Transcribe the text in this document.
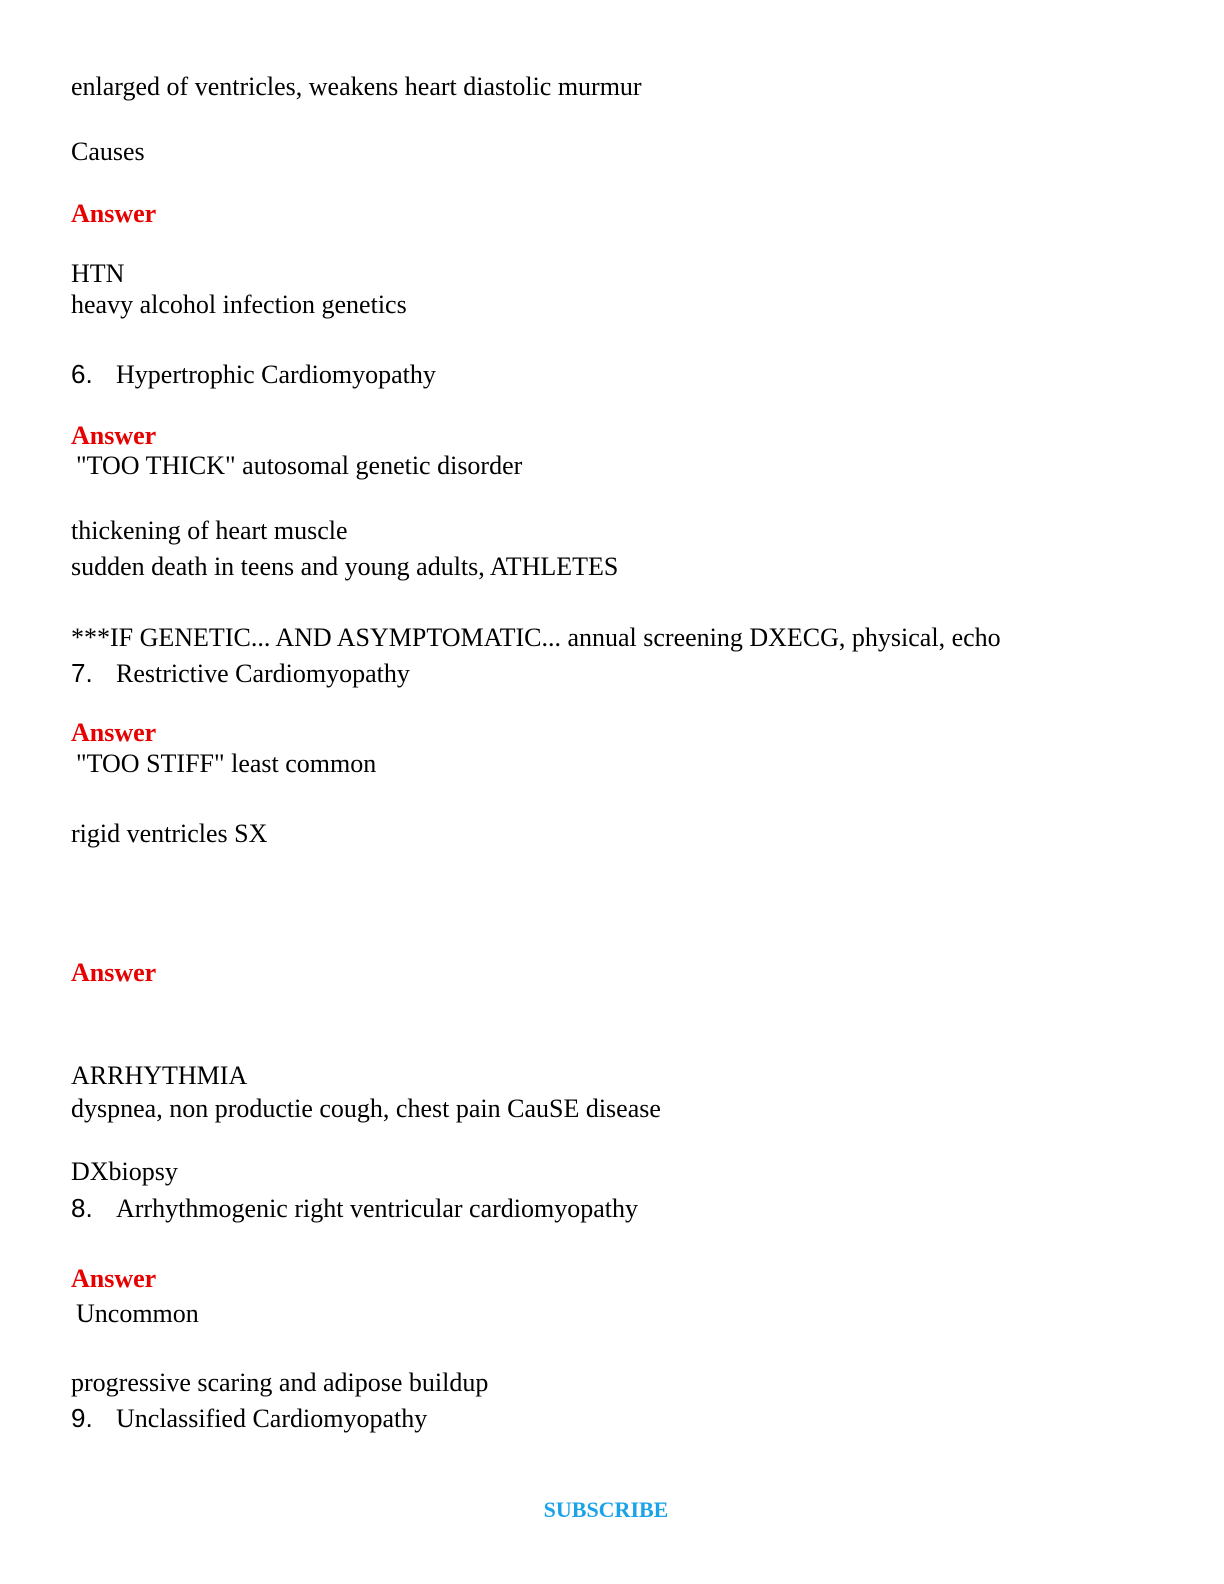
enlarged of ventricles, weakens heart diastolic murmur
Causes
Answer
HTN
heavy alcohol infection genetics
6. Hypertrophic Cardiomyopathy
Answer
"TOO THICK" autosomal genetic disorder
thickening of heart muscle
sudden death in teens and young adults, ATHLETES
***IF GENETIC... AND ASYMPTOMATIC... annual screening DXECG, physical, echo
7. Restrictive Cardiomyopathy
Answer
"TOO STIFF" least common
rigid ventricles SX
Answer
ARRHYTHMIA
dyspnea, non productie cough, chest pain CauSE disease
DXbiopsy
8. Arrhythmogenic right ventricular cardiomyopathy
Answer
Uncommon
progressive scaring and adipose buildup
9. Unclassified Cardiomyopathy
SUBSCRIBE
